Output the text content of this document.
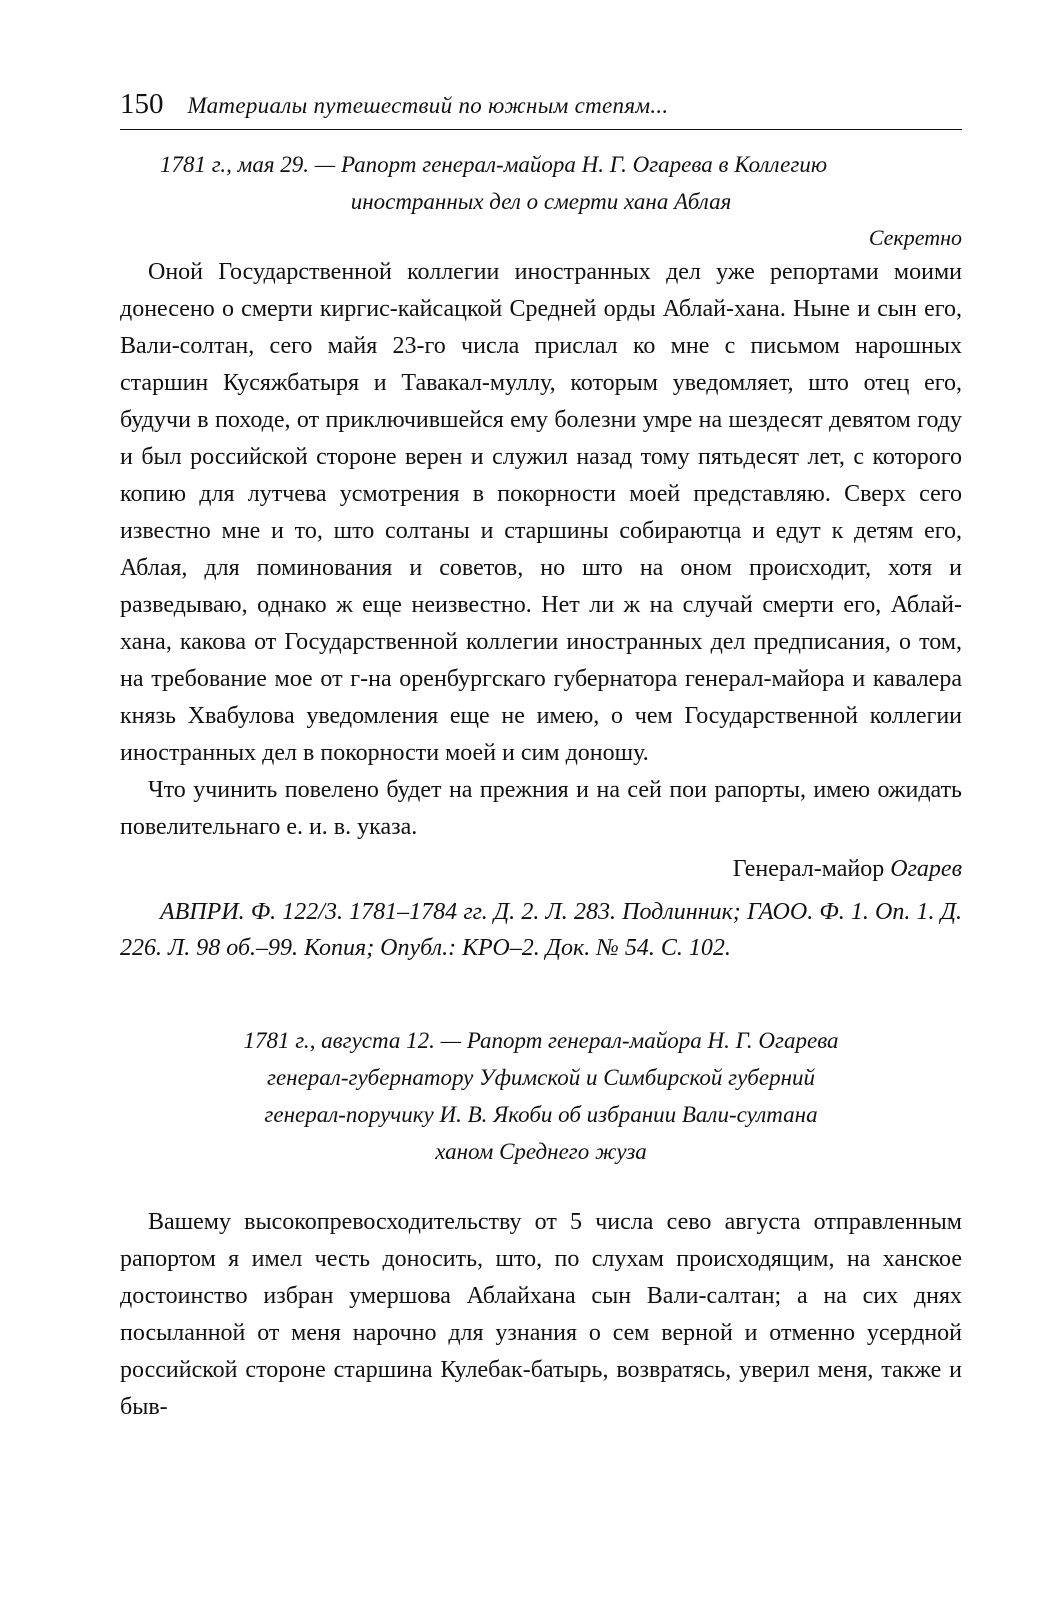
150 Материалы путешествий по южным степям...
1781 г., мая 29. — Рапорт генерал-майора Н. Г. Огарева в Коллегию
иностранных дел о смерти хана Аблая
Секретно

Оной Государственной коллегии иностранных дел уже репортами моими донесено о смерти киргис-кайсацкой Средней орды Аблай-хана. Ныне и сын его, Вали-солтан, сего майя 23-го числа прислал ко мне с письмом нарошных старшин Кусяжбатыря и Тавакал-муллу, которым уведомляет, што отец его, будучи в походе, от приключившейся ему болезни умре на шездесят девятом году и был российской стороне верен и служил назад тому пятьдесят лет, с которого копию для лутчева усмотрения в покорности моей представляю. Сверх сего известно мне и то, што солтаны и старшины собираютца и едут к детям его, Аблая, для поминования и советов, но што на оном происходит, хотя и разведываю, однако ж еще неизвестно. Нет ли ж на случай смерти его, Аблай-хана, какова от Государственной коллегии иностранных дел предписания, о том, на требование мое от г-на оренбургскаго губернатора генерал-майора и кавалера князь Хвабулова уведомления еще не имею, о чем Государственной коллегии иностранных дел в покорности моей и сим доношу.

Что учинить повелено будет на прежния и на сей пои рапорты, имею ожидать повелительнаго е. и. в. указа.

Генерал-майор Огарев
АВПРИ. Ф. 122/3. 1781–1784 гг. Д. 2. Л. 283. Подлинник; ГАОО. Ф. 1. Оп. 1. Д. 226. Л. 98 об.–99. Копия; Опубл.: КРО–2. Док. № 54. С. 102.
1781 г., августа 12. — Рапорт генерал-майора Н. Г. Огарева
генерал-губернатору Уфимской и Симбирской губерний
генерал-поручику И. В. Якоби об избрании Вали-султана
ханом Среднего жуза

Вашему высокопревосходительству от 5 числа сево августа отправленным рапортом я имел честь доносить, што, по слухам происходящим, на ханское достоинство избран умершова Аблайхана сын Вали-салтан; а на сих днях посыланной от меня нарочно для узнания о сем верной и отменно усердной российской стороне старшина Кулебак-батырь, возвратясь, уверил меня, также и быв-
